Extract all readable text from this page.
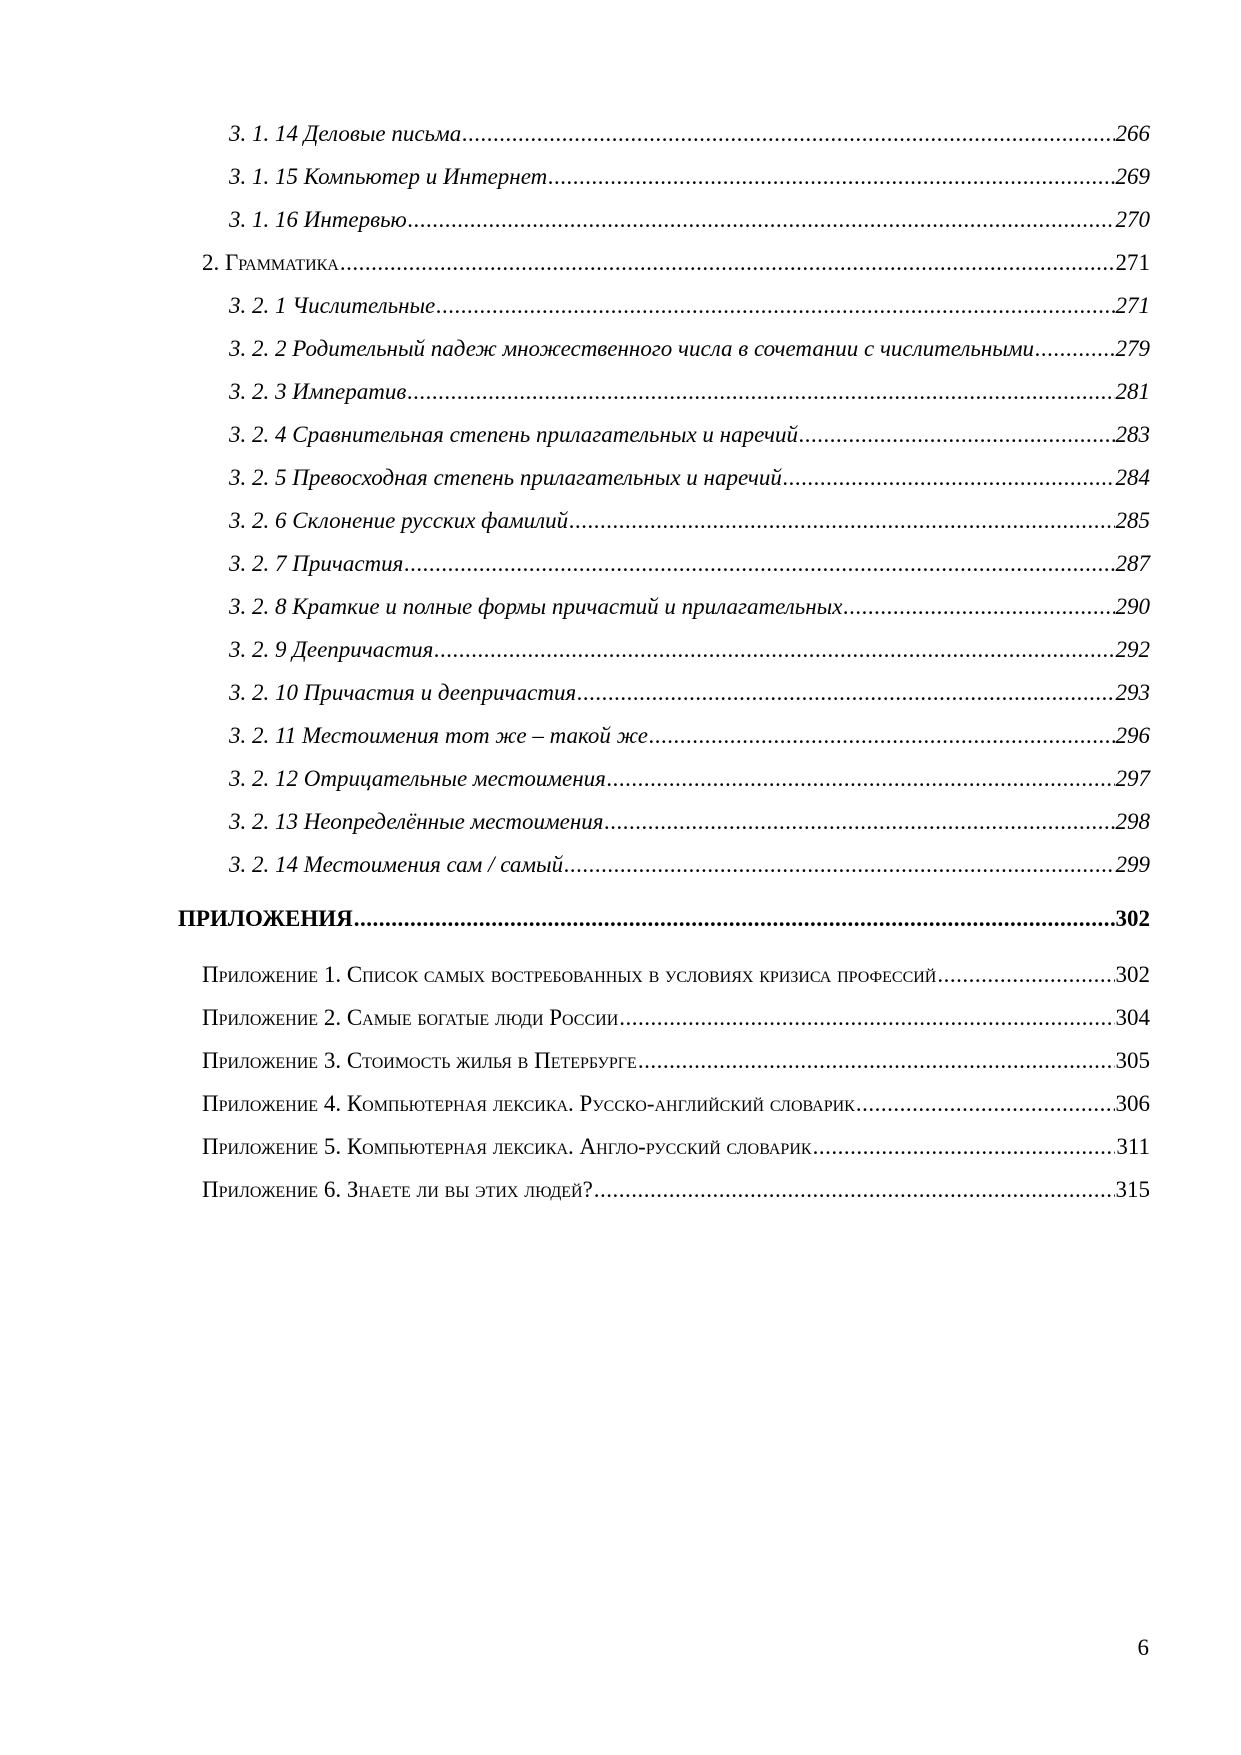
3. 1. 14 Деловые письма .....	266
3. 1. 15 Компьютер и Интернет .....	269
3. 1. 16 Интервью .....	270
2. Грамматика .....	271
3. 2. 1 Числительные .....	271
3. 2. 2 Родительный падеж множественного числа в сочетании с числительными .....	279
3. 2. 3 Императив .....	281
3. 2. 4 Сравнительная степень прилагательных и наречий .....	283
3. 2. 5 Превосходная степень прилагательных и наречий .....	284
3. 2. 6 Склонение русских фамилий .....	285
3. 2. 7 Причастия .....	287
3. 2. 8 Краткие и полные формы причастий и прилагательных .....	290
3. 2. 9 Деепричастия .....	292
3. 2. 10 Причастия и деепричастия .....	293
3. 2. 11 Местоимения тот же – такой же .....	296
3. 2. 12 Отрицательные местоимения .....	297
3. 2. 13 Неопределённые местоимения .....	298
3. 2. 14 Местоимения сам / самый .....	299
ПРИЛОЖЕНИЯ .....	302
Приложение 1. Список самых востребованных в условиях кризиса профессий .....	302
Приложение 2. Самые богатые люди России .....	304
Приложение 3. Стоимость жилья в Петербурге .....	305
Приложение 4. Компьютерная лексика. Русско-английский словарик .....	306
Приложение 5. Компьютерная лексика. Англо-русский словарик .....	311
Приложение 6. Знаете ли вы этих людей? .....	315
6
